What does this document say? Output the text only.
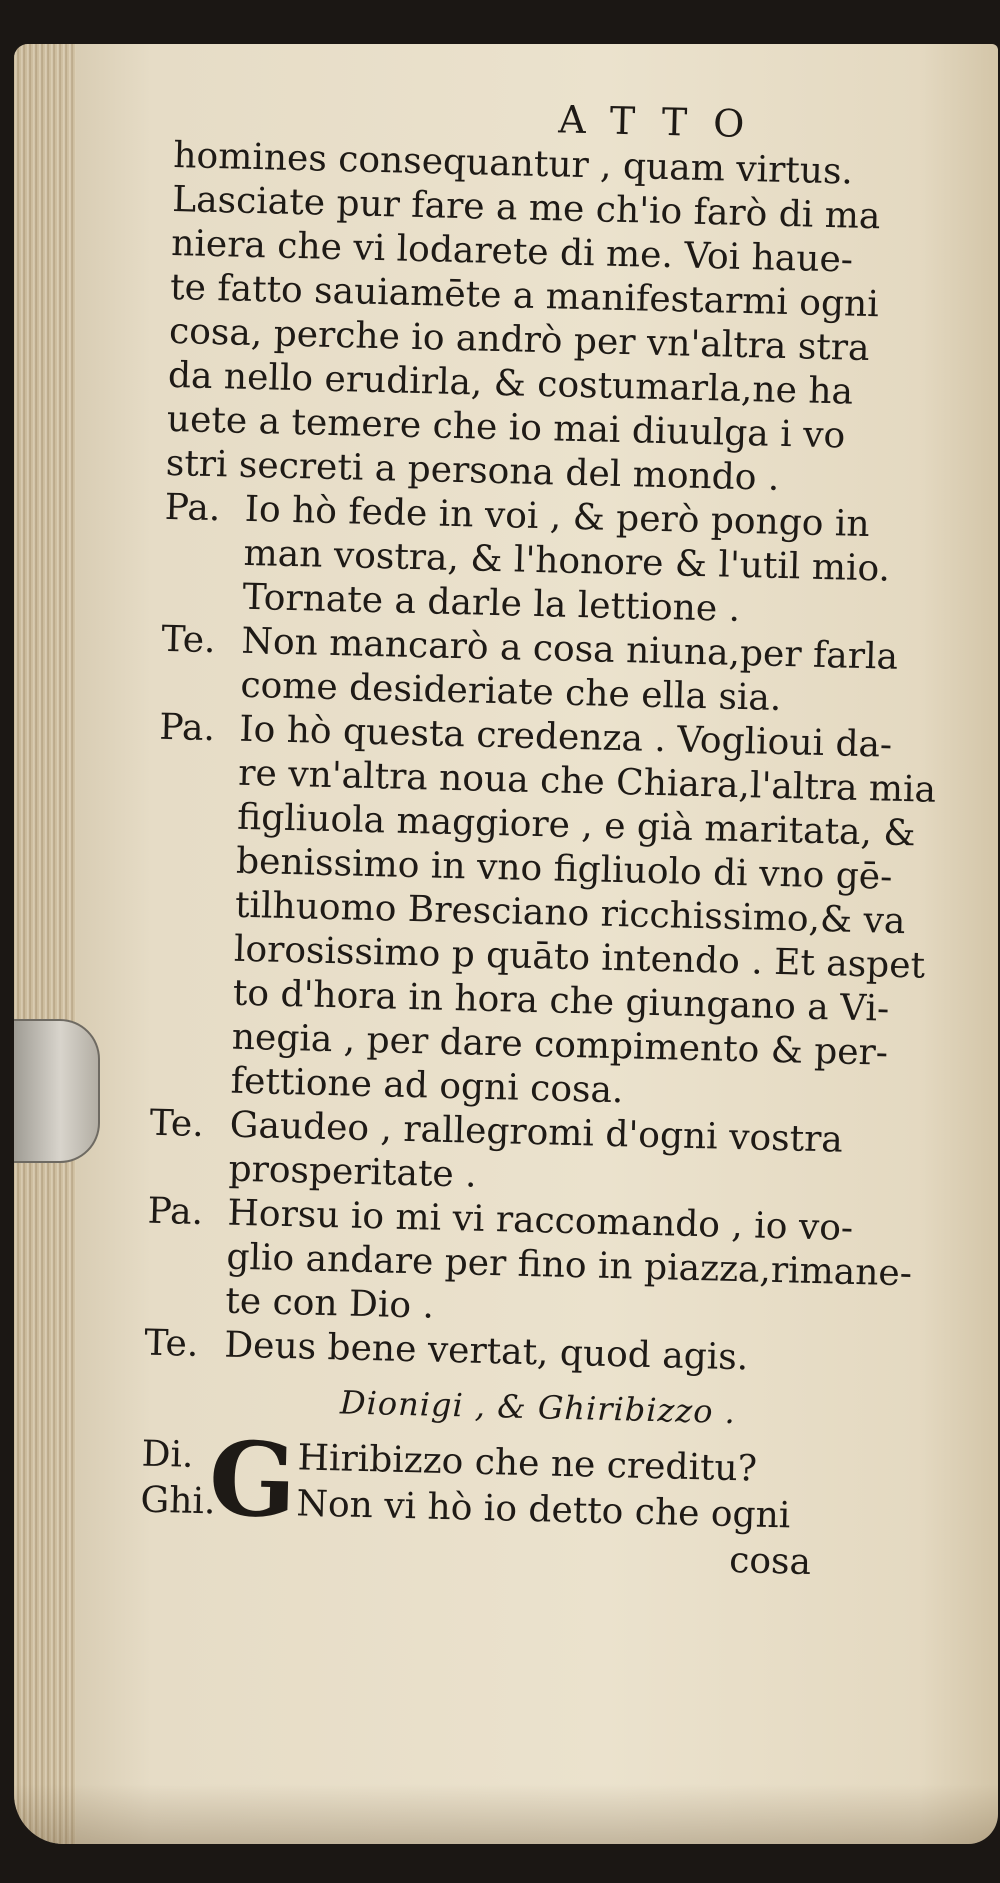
ATTO
homines consequantur , quam virtus.
Lasciate pur fare a me ch'io farò di ma
niera che vi lodarete di me. Voi haue-
te fatto sauiamēte a manifestarmi ogni
cosa, perche io andrò per vn'altra stra
da nello erudirla, & costumarla,ne ha
uete a temere che io mai diuulga i vo
stri secreti a persona del mondo .
Pa. Io hò fede in voi , & però pongo in
man vostra, & l'honore & l'util mio.
Tornate a darle la lettione .
Te. Non mancarò a cosa niuna,per farla
come desideriate che ella sia.
Pa. Io hò questa credenza . Voglioui da-
re vn'altra noua che Chiara,l'altra mia
figliuola maggiore , e già maritata, &
benissimo in vno figliuolo di vno gē-
tilhuomo Bresciano ricchissimo,& va
lorosissimo p quāto intendo . Et aspet
to d'hora in hora che giungano a Vi-
negia , per dare compimento & per-
fettione ad ogni cosa.
Te. Gaudeo , rallegromi d'ogni vostra
prosperitate .
Pa. Horsu io mi vi raccomando , io vo-
glio andare per fino in piazza,rimane-
te con Dio .
Te. Deus bene vertat, quod agis.
Dionigi , & Ghiribizzo .
G
Di.	Hiribizzo che ne creditu?
Ghi. Non vi hò io detto che ogni
cosa
